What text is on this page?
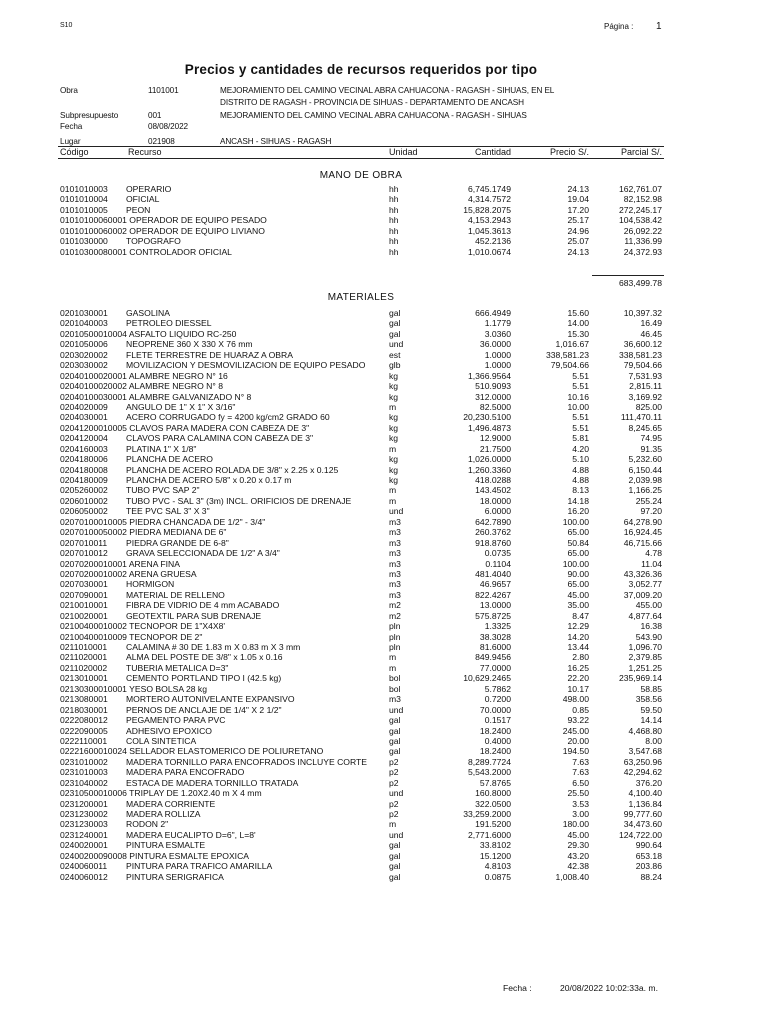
S10	Página : 1
Precios y cantidades de recursos requeridos por tipo
Obra	1101001	MEJORAMIENTO DEL CAMINO VECINAL ABRA CAHUACONA - RAGASH - SIHUAS, EN EL
DISTRITO DE RAGASH - PROVINCIA DE SIHUAS - DEPARTAMENTO DE ANCASH
Subpresupuesto	001	MEJORAMIENTO DEL CAMINO VECINAL ABRA CAHUACONA - RAGASH - SIHUAS
Fecha	08/08/2022
Lugar	021908	ANCASH - SIHUAS - RAGASH
Código	Recurso	Unidad	Cantidad	Precio S/.	Parcial S/.
MANO DE OBRA
0101010003 OPERARIO	hh	6,745.1749	24.13	162,761.07
0101010004 OFICIAL	hh	4,314.7572	19.04	82,152.98
0101010005 PEON	hh	15,828.2075	17.20	272,245.17
01010100060001 OPERADOR DE EQUIPO PESADO	hh	4,153.2943	25.17	104,538.42
01010100060002 OPERADOR DE EQUIPO LIVIANO	hh	1,045.3613	24.96	26,092.22
0101030000 TOPOGRAFO	hh	452.2136	25.07	11,336.99
01010300080001 CONTROLADOR OFICIAL	hh	1,010.0674	24.13	24,372.93
683,499.78
MATERIALES
0201030001 GASOLINA	gal	666.4949	15.60	10,397.32
0201040003 PETROLEO DIESSEL	gal	1.1779	14.00	16.49
02010500010004 ASFALTO LIQUIDO RC-250	gal	3.0360	15.30	46.45
0201050006 NEOPRENE 360 X 330 X 76 mm	und	36.0000	1,016.67	36,600.12
0203020002 FLETE TERRESTRE DE HUARAZ A OBRA	est	1.0000	338,581.23	338,581.23
0203030002 MOVILIZACION Y DESMOVILIZACION DE EQUIPO PESADO	glb	1.0000	79,504.66	79,504.66
02040100020001 ALAMBRE NEGRO N° 16	kg	1,366.9564	5.51	7,531.93
02040100020002 ALAMBRE NEGRO N° 8	kg	510.9093	5.51	2,815.11
02040100030001 ALAMBRE GALVANIZADO N° 8	kg	312.0000	10.16	3,169.92
0204020009 ANGULO DE 1" X 1" X 3/16"	m	82.5000	10.00	825.00
0204030001 ACERO CORRUGADO fy = 4200 kg/cm2 GRADO 60	kg	20,230.5100	5.51	111,470.11
02041200010005 CLAVOS PARA MADERA CON CABEZA DE 3"	kg	1,496.4873	5.51	8,245.65
0204120004 CLAVOS PARA CALAMINA CON CABEZA DE 3"	kg	12.9000	5.81	74.95
0204160003 PLATINA 1" X 1/8"	m	21.7500	4.20	91.35
0204180006 PLANCHA DE ACERO	kg	1,026.0000	5.10	5,232.60
0204180008 PLANCHA DE ACERO ROLADA DE 3/8" x 2.25 x 0.125	kg	1,260.3360	4.88	6,150.44
0204180009 PLANCHA DE ACERO 5/8" x 0.20 x 0.17 m	kg	418.0288	4.88	2,039.98
0205260002 TUBO PVC SAP 2"	m	143.4502	8.13	1,166.25
0206010002 TUBO PVC - SAL 3" (3m) INCL. ORIFICIOS DE DRENAJE	m	18.0000	14.18	255.24
0206050002 TEE PVC SAL 3" X 3"	und	6.0000	16.20	97.20
02070100010005 PIEDRA CHANCADA DE 1/2" - 3/4"	m3	642.7890	100.00	64,278.90
02070100050002 PIEDRA MEDIANA DE 6"	m3	260.3762	65.00	16,924.45
0207010011 PIEDRA GRANDE DE 6-8"	m3	918.8760	50.84	46,715.66
0207010012 GRAVA SELECCIONADA DE 1/2" A 3/4"	m3	0.0735	65.00	4.78
02070200010001 ARENA FINA	m3	0.1104	100.00	11.04
02070200010002 ARENA GRUESA	m3	481.4040	90.00	43,326.36
0207030001 HORMIGON	m3	46.9657	65.00	3,052.77
0207090001 MATERIAL DE RELLENO	m3	822.4267	45.00	37,009.20
0210010001 FIBRA DE VIDRIO DE 4 mm ACABADO	m2	13.0000	35.00	455.00
0210020001 GEOTEXTIL PARA SUB DRENAJE	m2	575.8725	8.47	4,877.64
02100400010002 TECNOPOR DE 1"X4X8'	pln	1.3325	12.29	16.38
02100400010009 TECNOPOR DE 2"	pln	38.3028	14.20	543.90
0211010001 CALAMINA # 30 DE 1.83 m X 0.83 m X 3 mm	pln	81.6000	13.44	1,096.70
0211020001 ALMA DEL POSTE DE 3/8" x 1.05 x 0.16	m	849.9456	2.80	2,379.85
0211020002 TUBERIA METALICA D=3"	m	77.0000	16.25	1,251.25
0213010001 CEMENTO PORTLAND TIPO I (42.5 kg)	bol	10,629.2465	22.20	235,969.14
02130300010001 YESO BOLSA 28 kg	bol	5.7862	10.17	58.85
0213080001 MORTERO AUTONIVELANTE EXPANSIVO	m3	0.7200	498.00	358.56
0218030001 PERNOS DE ANCLAJE DE 1/4" X 2 1/2"	und	70.0000	0.85	59.50
0222080012 PEGAMENTO PARA PVC	gal	0.1517	93.22	14.14
0222090005 ADHESIVO EPOXICO	gal	18.2400	245.00	4,468.80
0222110001 COLA SINTETICA	gal	0.4000	20.00	8.00
02221600010024 SELLADOR ELASTOMERICO DE POLIURETANO	gal	18.2400	194.50	3,547.68
0231010002 MADERA TORNILLO PARA ENCOFRADOS INCLUYE CORTE	p2	8,289.7724	7.63	63,250.96
0231010003 MADERA PARA ENCOFRADO	p2	5,543.2000	7.63	42,294.62
0231040002 ESTACA DE MADERA TORNILLO TRATADA	p2	57.8765	6.50	376.20
02310500010006 TRIPLAY DE 1.20X2.40 m X 4 mm	und	160.8000	25.50	4,100.40
0231200001 MADERA CORRIENTE	p2	322.0500	3.53	1,136.84
0231230002 MADERA ROLLIZA	p2	33,259.2000	3.00	99,777.60
0231230003 RODON 2"	m	191.5200	180.00	34,473.60
0231240001 MADERA EUCALIPTO D=6", L=8'	und	2,771.6000	45.00	124,722.00
0240020001 PINTURA ESMALTE	gal	33.8102	29.30	990.64
02400200090008 PINTURA ESMALTE EPOXICA	gal	15.1200	43.20	653.18
0240060011 PINTURA PARA TRAFICO AMARILLA	gal	4.8103	42.38	203.86
0240060012 PINTURA SERIGRAFICA	gal	0.0875	1,008.40	88.24
Fecha :	20/08/2022 10:02:33a. m.
